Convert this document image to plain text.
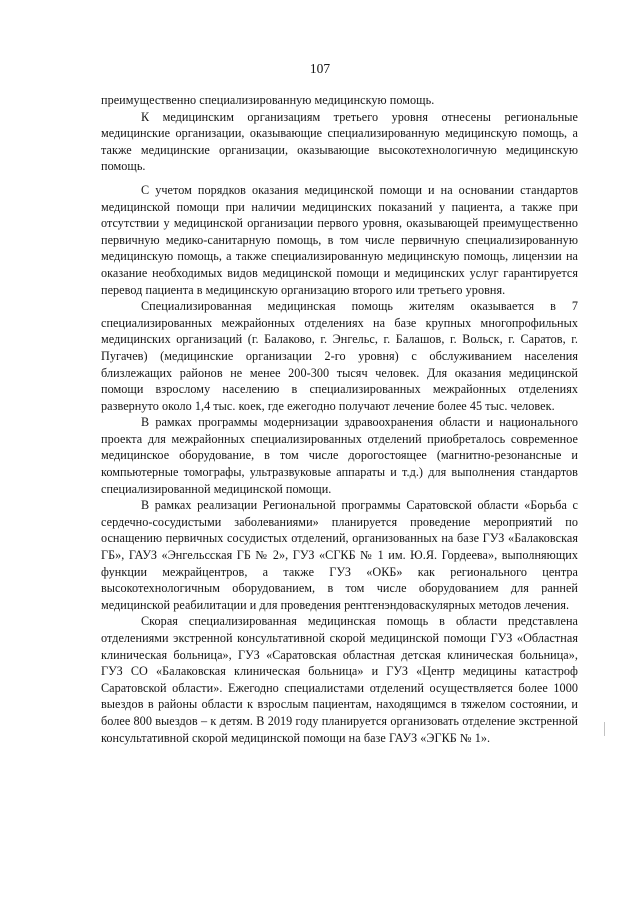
107

преимущественно специализированную медицинскую помощь.

К медицинским организациям третьего уровня отнесены региональные медицинские организации, оказывающие специализированную медицинскую помощь, а также медицинские организации, оказывающие высокотехнологичную медицинскую помощь.

С учетом порядков оказания медицинской помощи и на основании стандартов медицинской помощи при наличии медицинских показаний у пациента, а также при отсутствии у медицинской организации первого уровня, оказывающей преимущественно первичную медико-санитарную помощь, в том числе первичную специализированную медицинскую помощь, а также специализированную медицинскую помощь, лицензии на оказание необходимых видов медицинской помощи и медицинских услуг гарантируется перевод пациента в медицинскую организацию второго или третьего уровня.

Специализированная медицинская помощь жителям оказывается в 7 специализированных межрайонных отделениях на базе крупных многопрофильных медицинских организаций (г. Балаково, г. Энгельс, г. Балашов, г. Вольск, г. Саратов, г. Пугачев) (медицинские организации 2-го уровня) с обслуживанием населения близлежащих районов не менее 200-300 тысяч человек. Для оказания медицинской помощи взрослому населению в специализированных межрайонных отделениях развернуто около 1,4 тыс. коек, где ежегодно получают лечение более 45 тыс. человек.

В рамках программы модернизации здравоохранения области и национального проекта для межрайонных специализированных отделений приобреталось современное медицинское оборудование, в том числе дорогостоящее (магнитно-резонансные и компьютерные томографы, ультразвуковые аппараты и т.д.) для выполнения стандартов специализированной медицинской помощи.

В рамках реализации Региональной программы Саратовской области «Борьба с сердечно-сосудистыми заболеваниями» планируется проведение мероприятий по оснащению первичных сосудистых отделений, организованных на базе ГУЗ «Балаковская ГБ», ГАУЗ «Энгельсская ГБ № 2», ГУЗ «СГКБ № 1 им. Ю.Я. Гордеева», выполняющих функции межрайцентров, а также ГУЗ «ОКБ» как регионального центра высокотехнологичным оборудованием, в том числе оборудованием для ранней медицинской реабилитации и для проведения рентгенэндоваскулярных методов лечения.

Скорая специализированная медицинская помощь в области представлена отделениями экстренной консультативной скорой медицинской помощи ГУЗ «Областная клиническая больница», ГУЗ «Саратовская областная детская клиническая больница», ГУЗ СО «Балаковская клиническая больница» и ГУЗ «Центр медицины катастроф Саратовской области». Ежегодно специалистами отделений осуществляется более 1000 выездов в районы области к взрослым пациентам, находящимся в тяжелом состоянии, и более 800 выездов – к детям. В 2019 году планируется организовать отделение экстренной консультативной скорой медицинской помощи на базе ГАУЗ «ЭГКБ № 1».
